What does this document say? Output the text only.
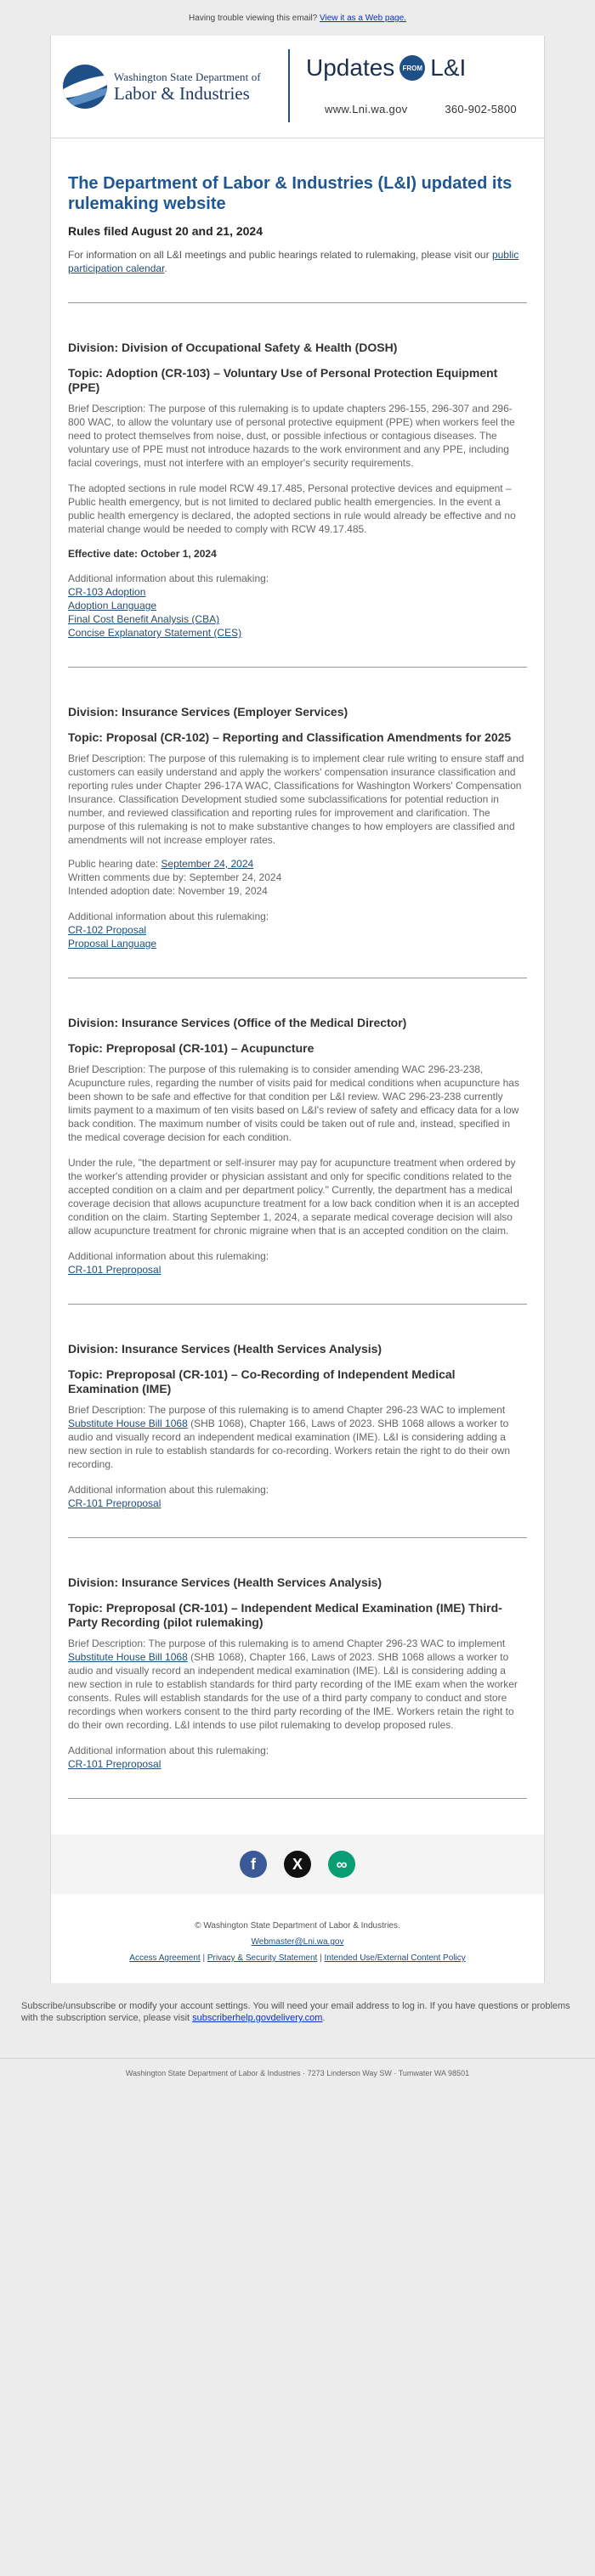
Having trouble viewing this email? View it as a Web page.
Washington State Department of
Labor & Industries
Updates	FROM L&I
www.Lni.wa.gov	360-902-5800
The Department of Labor & Industries (L&I) updated its rulemaking website

Rules filed August 20 and 21, 2024

For information on all L&I meetings and public hearings related to rulemaking, please visit our public participation calendar.

Division: Division of Occupational Safety & Health (DOSH)
Topic: Adoption (CR-103) – Voluntary Use of Personal Protection Equipment (PPE)

Brief Description: The purpose of this rulemaking is to update chapters 296-155, 296-307 and 296-800 WAC, to allow the voluntary use of personal protective equipment (PPE) when workers feel the need to protect themselves from noise, dust, or possible infectious or contagious diseases. The voluntary use of PPE must not introduce hazards to the work environment and any PPE, including facial coverings, must not interfere with an employer's security requirements.

The adopted sections in rule model RCW 49.17.485, Personal protective devices and equipment – Public health emergency, but is not limited to declared public health emergencies. In the event a public health emergency is declared, the adopted sections in rule would already be effective and no material change would be needed to comply with RCW 49.17.485.

Effective date: October 1, 2024

Additional information about this rulemaking:

CR-103 Adoption
Adoption Language
Final Cost Benefit Analysis (CBA)
Concise Explanatory Statement (CES)
Division: Insurance Services (Employer Services)
Topic: Proposal (CR-102) – Reporting and Classification Amendments for 2025

Brief Description: The purpose of this rulemaking is to implement clear rule writing to ensure staff and customers can easily understand and apply the workers' compensation insurance classification and reporting rules under Chapter 296-17A WAC, Classifications for Washington Workers' Compensation Insurance. Classification Development studied some subclassifications for potential reduction in number, and reviewed classification and reporting rules for improvement and clarification. The purpose of this rulemaking is not to make substantive changes to how employers are classified and amendments will not increase employer rates.

Public hearing date: September 24, 2024
Written comments due by: September 24, 2024
Intended adoption date: November 19, 2024

Additional information about this rulemaking:

CR-102 Proposal
Proposal Language
Division: Insurance Services (Office of the Medical Director)
Topic: Preproposal (CR-101) – Acupuncture

Brief Description: The purpose of this rulemaking is to consider amending WAC 296-23-238, Acupuncture rules, regarding the number of visits paid for medical conditions when acupuncture has been shown to be safe and effective for that condition per L&I review. WAC 296-23-238 currently limits payment to a maximum of ten visits based on L&I's review of safety and efficacy data for a low back condition. The maximum number of visits could be taken out of rule and, instead, specified in the medical coverage decision for each condition.

Under the rule, "the department or self-insurer may pay for acupuncture treatment when ordered by the worker's attending provider or physician assistant and only for specific conditions related to the accepted condition on a claim and per department policy." Currently, the department has a medical coverage decision that allows acupuncture treatment for a low back condition when it is an accepted condition on the claim. Starting September 1, 2024, a separate medical coverage decision will also allow acupuncture treatment for chronic migraine when that is an accepted condition on the claim.

Additional information about this rulemaking:

CR-101 Preproposal
Division: Insurance Services (Health Services Analysis)
Topic: Preproposal (CR-101) – Co-Recording of Independent Medical Examination (IME)

Brief Description: The purpose of this rulemaking is to amend Chapter 296-23 WAC to implement Substitute House Bill 1068 (SHB 1068), Chapter 166, Laws of 2023. SHB 1068 allows a worker to audio and visually record an independent medical examination (IME). L&I is considering adding a new section in rule to establish standards for co-recording. Workers retain the right to do their own recording.

Additional information about this rulemaking:

CR-101 Preproposal
Division: Insurance Services (Health Services Analysis)
Topic: Preproposal (CR-101) – Independent Medical Examination (IME) Third-Party Recording (pilot rulemaking)

Brief Description: The purpose of this rulemaking is to amend Chapter 296-23 WAC to implement Substitute House Bill 1068 (SHB 1068), Chapter 166, Laws of 2023. SHB 1068 allows a worker to audio and visually record an independent medical examination (IME). L&I is considering adding a new section in rule to establish standards for third party recording of the IME exam when the worker consents. Rules will establish standards for the use of a third party company to conduct and store recordings when workers consent to the third party recording of the IME. Workers retain the right to do their own recording. L&I intends to use pilot rulemaking to develop proposed rules.

Additional information about this rulemaking:

CR-101 Preproposal
f X ∞
© Washington State Department of Labor & Industries.
Webmaster@Lni.wa.gov
Access Agreement | Privacy & Security Statement | Intended Use/External Content Policy
Subscribe/unsubscribe or modify your account settings. You will need your email address to log in. If you have questions or problems with the subscription service, please visit subscriberhelp.govdelivery.com.
Washington State Department of Labor & Industries · 7273 Linderson Way SW · Tumwater WA 98501
